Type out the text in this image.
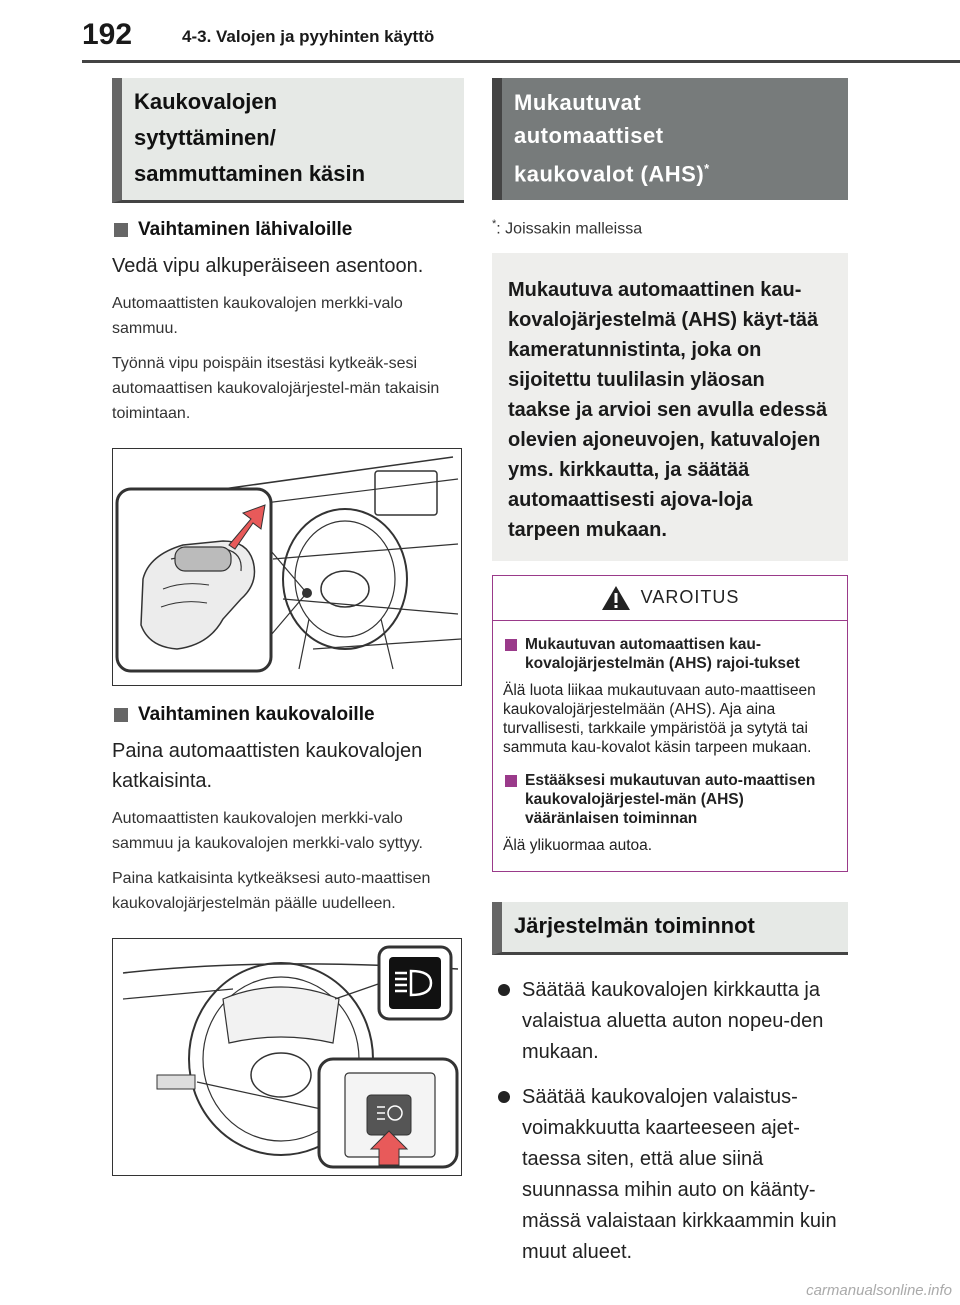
192	4-3. Valojen ja pyyhinten käyttö
Kaukovalojen
sytyttäminen/
sammuttaminen käsin
Vaihtaminen lähivaloille

Vedä vipu alkuperäiseen asentoon.

Automaattisten kaukovalojen merkki-valo sammuu.

Työnnä vipu poispäin itsestäsi kytkeäk-sesi automaattisen kaukovalojärjestel-män takaisin toimintaan.

Vaihtaminen kaukovaloille

Paina automaattisten kaukovalojen katkaisinta.

Automaattisten kaukovalojen merkki-valo sammuu ja kaukovalojen merkki-valo syttyy.

Paina katkaisinta kytkeäksesi auto-maattisen kaukovalojärjestelmän päälle uudelleen.

Mukautuvat
automaattiset
kaukovalot (AHS)*
*: Joissakin malleissa
Mukautuva automaattinen kau-kovalojärjestelmä (AHS) käyt-tää kameratunnistinta, joka on sijoitettu tuulilasin yläosan taakse ja arvioi sen avulla edessä olevien ajoneuvojen, katuvalojen yms. kirkkautta, ja säätää automaattisesti ajova-loja tarpeen mukaan.
VAROITUS
Mukautuvan automaattisen kau-kovalojärjestelmän (AHS) rajoi-tukset
Älä luota liikaa mukautuvaan auto-maattiseen kaukovalojärjestelmään (AHS). Aja aina turvallisesti, tarkkaile ympäristöä ja sytytä tai sammuta kau-kovalot käsin tarpeen mukaan.
Estääksesi mukautuvan auto-maattisen kaukovalojärjestel-män (AHS) vääränlaisen toiminnan
Älä ylikuormaa autoa.
Järjestelmän toiminnot
Säätää kaukovalojen kirkkautta ja valaistua aluetta auton nopeu-den mukaan.
Säätää kaukovalojen valaistus-voimakkuutta kaarteeseen ajet-taessa siten, että alue siinä suunnassa mihin auto on käänty-mässä valaistaan kirkkaammin kuin muut alueet.
carmanualsonline.info
